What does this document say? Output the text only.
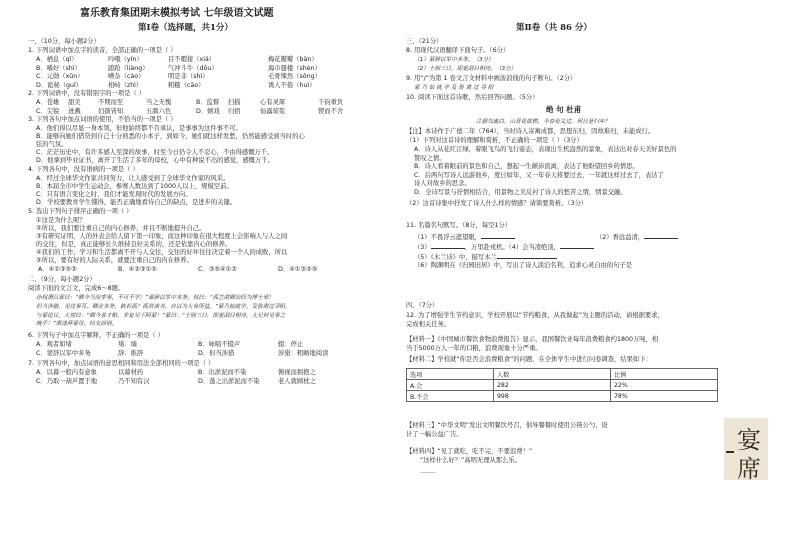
富乐教育集团期末模拟考试 七年级语文试题
第Ⅰ卷（选择题，共1分）
一、（10分，每小题2分）
1. 下列词语中加点字的读音，全部正确的一项是（ ）
A．栖息（qī）	吟哦（yín）	目不暇接（xiá）	梅花瓣瓣（bàn）
B．嗜好（shì）	踉跄（liàng）	气冲斗牛（dǒu）	海市蜃楼（shèn）
C．元勋（xūn）	嘈杂（cáo）	明是非（shì）	毛骨悚然（sǒng）
D．诡秘（guǐ）	相峙（zhì）	粗糙（cāo）	诱人不倦（huì）
2. 下列词语中，没有错别字的一项是（ ）
A．苍雄 甜美	不期而至	当之无愧	B．监督 扫描	心有灵犀	千钧重负
C．尖锐 迸溅	妇孺皆知	五颜六色	D．嬉戏 归宿	仙露琼浆	锲而不舍
3. 下列各句中加点词语的使用，不恰当的一项是（ ）
A．他们得以尽显一身本领，但他始终都不肯承认，是事事为这件事不可。
B．能够向她们借贷到自己十分熟悉的小本子，到如今，她们就这样发愁，仍然能感受到当时的心
弦的气氛。
C．茫茫历史中，有许多感人至深的故事，时至今日仍令人不忍心，不由得感慨万千。
D．他拿到毕业证书，离开了生活了多年的母校，心中有种说不出的感觉，感慨万千。
4. 下列各句中，没有语病的一项是（ ）
A．经过全球华文作家共同努力，让人感受到了全球华文作家的风采。
B．本届全市中学生运动会，参赛人数达到了1000人以上，规模空前。
C．只有语言变化之时，我们才能发现时代的发展方向。
D．学校要教育学生懂得，能否正确地看待自己的缺点，是进步的关键。
5. 选出下列句子排序正确的一项（ ）
①这是为什么呢？
②所以，我们要注重自己的内心修养，并且不断地提升自己。
③有研究证明，人的外表会给人留下第一印象，而这种印象在很大程度上会影响人与人之间
的交往，但是，真正能够长久维持良好关系的，还是依靠内心的修养。
④我们的工作、学习和生活都离不开与人交往，交往的好坏往往决定着一个人的成败，所以
⑤所以，要有好的人际关系，就要注重自己的内在修养。
A．④①③⑤②	B．④②③①⑤	C．③⑤④①②	D．④①③②⑤
二、（9分，每小题2分）
阅读下面的文言文，完成6～8题。
孙权谓吕蒙曰：“卿今当涂掌事，不可不学！”蒙辞以军中多务。权曰：“孤岂欲卿治经为博士邪！
但当涉猎，见往事耳。卿言多务，孰若孤？孤常读书，自以为大有所益。”蒙乃始就学。及鲁肃过寻阳，
与蒙论议，大惊曰：“卿今者才略，非复吴下阿蒙！”蒙曰：“士别三日，即更刮目相待，大兄何见事之
晚乎！”肃遂拜蒙母，结友而别。
6. 下列句子中加点字解释，不正确的一项是（ ）
A．观者如堵	堵：墙	B．咏唱不辍声	辍：停止
C．蒙辞以军中多务	辞：推辞	D．但当涉猎	涉猎：粗略地阅读
7. 下列各句中，加点词语的意思相同和用法全部相同的一项是（ ）
A．以幕一般内有意象	以幕材药	B．出淤泥而不染	俯视而拥抱之
C．乃取一葫芦置于地	乃不知有汉	D．蓬之出淤泥而不染	老人就顾枕之
第Ⅱ卷（共 86 分）
三、（21分）
8. 用现代汉语翻译下面句子。（6分）
（1）蒙辞以军中多务。（3分）
（2）士别三日，即更刮目相待。（3分）
9. 用“/”为第 1 卷文言文材料中画波浪线的句子断句。（2分）
蒙 乃 始 就 学 及 鲁 肃 过 寻 阳
10. 阅读下面这首诗歌，然后回答问题。（5分）
绝 句 杜甫
江碧鸟逾白，山青花欲燃。今春看又过，何日是归年？
【注】本诗作于广德二年（764），当时诗人寄寓成都，思想东归，因故难归，未能成行。
（1）下列对这首诗的理解和赏析，不正确的一项是（ ）（3分）
A．诗人从花红江绿，着眼飞鸟的飞行姿态，表现出生机盎然的景象，表达出对春天美好景色的
赞叹之情。
B．诗人看着眼前的景色和自己，想起一生颠沛流离，表达了他盼望回乡的情思。
C．后两句写诗人远游他乡，度日如年，又一年春天将要过去，一年就这样过去了，表达了
诗人对故乡的思念。
D．全诗写景与抒情相结合，用景物之美反衬了诗人的愁苦之情，情景交融。
（2）这首诗集中抒发了诗人什么样的情感？请简要赏析。（3分）
11. 名篇名句默写。（8分，每空1分）
（1）不畏浮云遮望眼，	（2）香远益清，
（3）	，万里赴戎机。（4）会当凌绝顶，
（5）《木兰诗》中，描写木兰
（6）陶渊明在《归园田居》中，写出了诗人淡泊名利，追求心灵自由的句子是
四、（7分）
12. 为了增强学生节约意识，学校开展以“节约粮食，从我做起”为主题的活动，请根据要求，
完成相关任务。
【材料一】《中国城市餐饮食物浪费报告》显示，我国餐饮业每年浪费粮食约1800万吨，相
当于5000万人一年的口粮，浪费现象十分严重。
【材料二】学校就“你是否会浪费粮食”的问题，在全体学生中进行问卷调查，结果如下：
选项	人数	比例
A.会	282	22%
B.不会	998	78%
【材料三】“中华文明”发出文明餐饮号召，倡导餐餐时使用公筷公勺，设
计了一幅公益广告。
【材料四】“见了就吃，吃不完，不要浪费！”
“这样什么好？”高明无理从那么乐。
········
宴
席
